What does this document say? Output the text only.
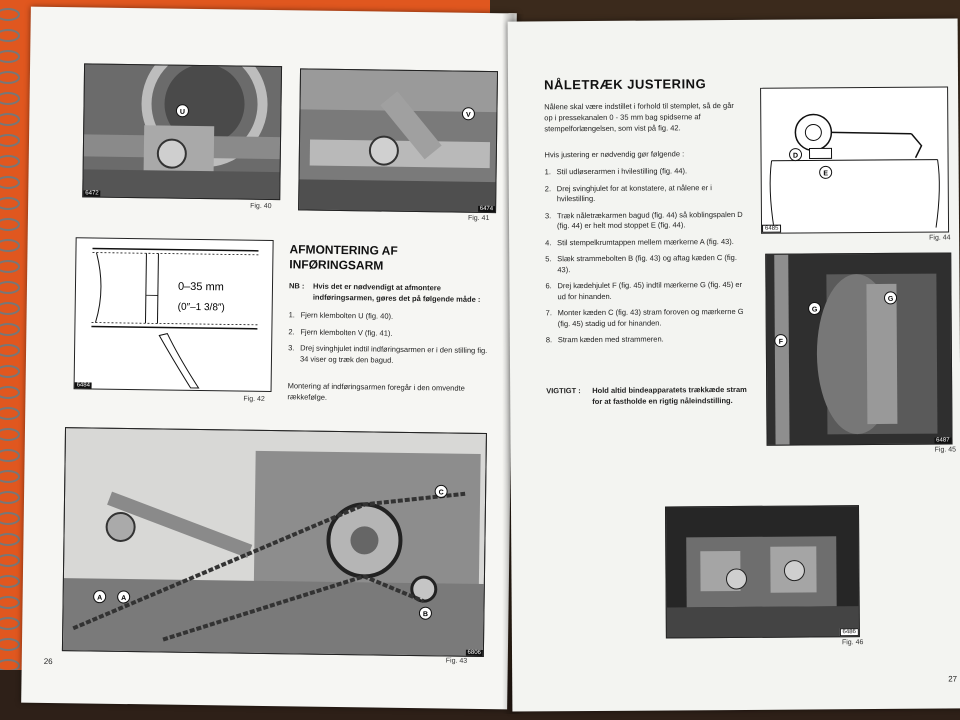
U
6472
Fig. 40
V
6474
Fig. 41
0–35 mm
(0″–1 3/8″)
6484
Fig. 42
AFMONTERING AF
INFØRINGSARM
NB :	Hvis det er nødvendigt at afmontere indføringsarmen, gøres det på følgende måde :
1. Fjern klembolten U (fig. 40).
2. Fjern klembolten V (fig. 41).
3. Drej svinghjulet indtil indføringsarmen er i den stilling fig. 34 viser og træk den bagud.
Montering af indføringsarmen foregår i den omvendte rækkefølge.
A	A
B
C
6806
Fig. 43
26
NÅLETRÆK JUSTERING
Nålene skal være indstillet i forhold til stemplet, så de går op i pressekanalen 0 - 35 mm bag spidserne af stempelforlængelsen, som vist på fig. 42.
Hvis justering er nødvendig gør følgende :
1. Stil udløserarmen i hvilestilling (fig. 44).
2. Drej svinghjulet for at konstatere, at nålene er i hvilestilling.
3. Træk nåletrækarmen bagud (fig. 44) så koblingspalen D (fig. 44) er helt mod stoppet E (fig. 44).
4. Stil stempelkrumtappen mellem mærkerne A (fig. 43).
5. Slæk strammebolten B (fig. 43) og aftag kæden C (fig. 43).
6. Drej kædehjulet F (fig. 45) indtil mærkerne G (fig. 45) er ud for hinanden.
7. Monter kæden C (fig. 43) stram foroven og mærkerne G (fig. 45) stadig ud for hinanden.
8. Stram kæden med strammeren.
VIGTIGT :	Hold altid bindeapparatets trækkæde stram for at fastholde en rigtig nåleindstilling.
D
E
6485
Fig. 44
G
G
F
6487
Fig. 45
6486
Fig. 46
27
